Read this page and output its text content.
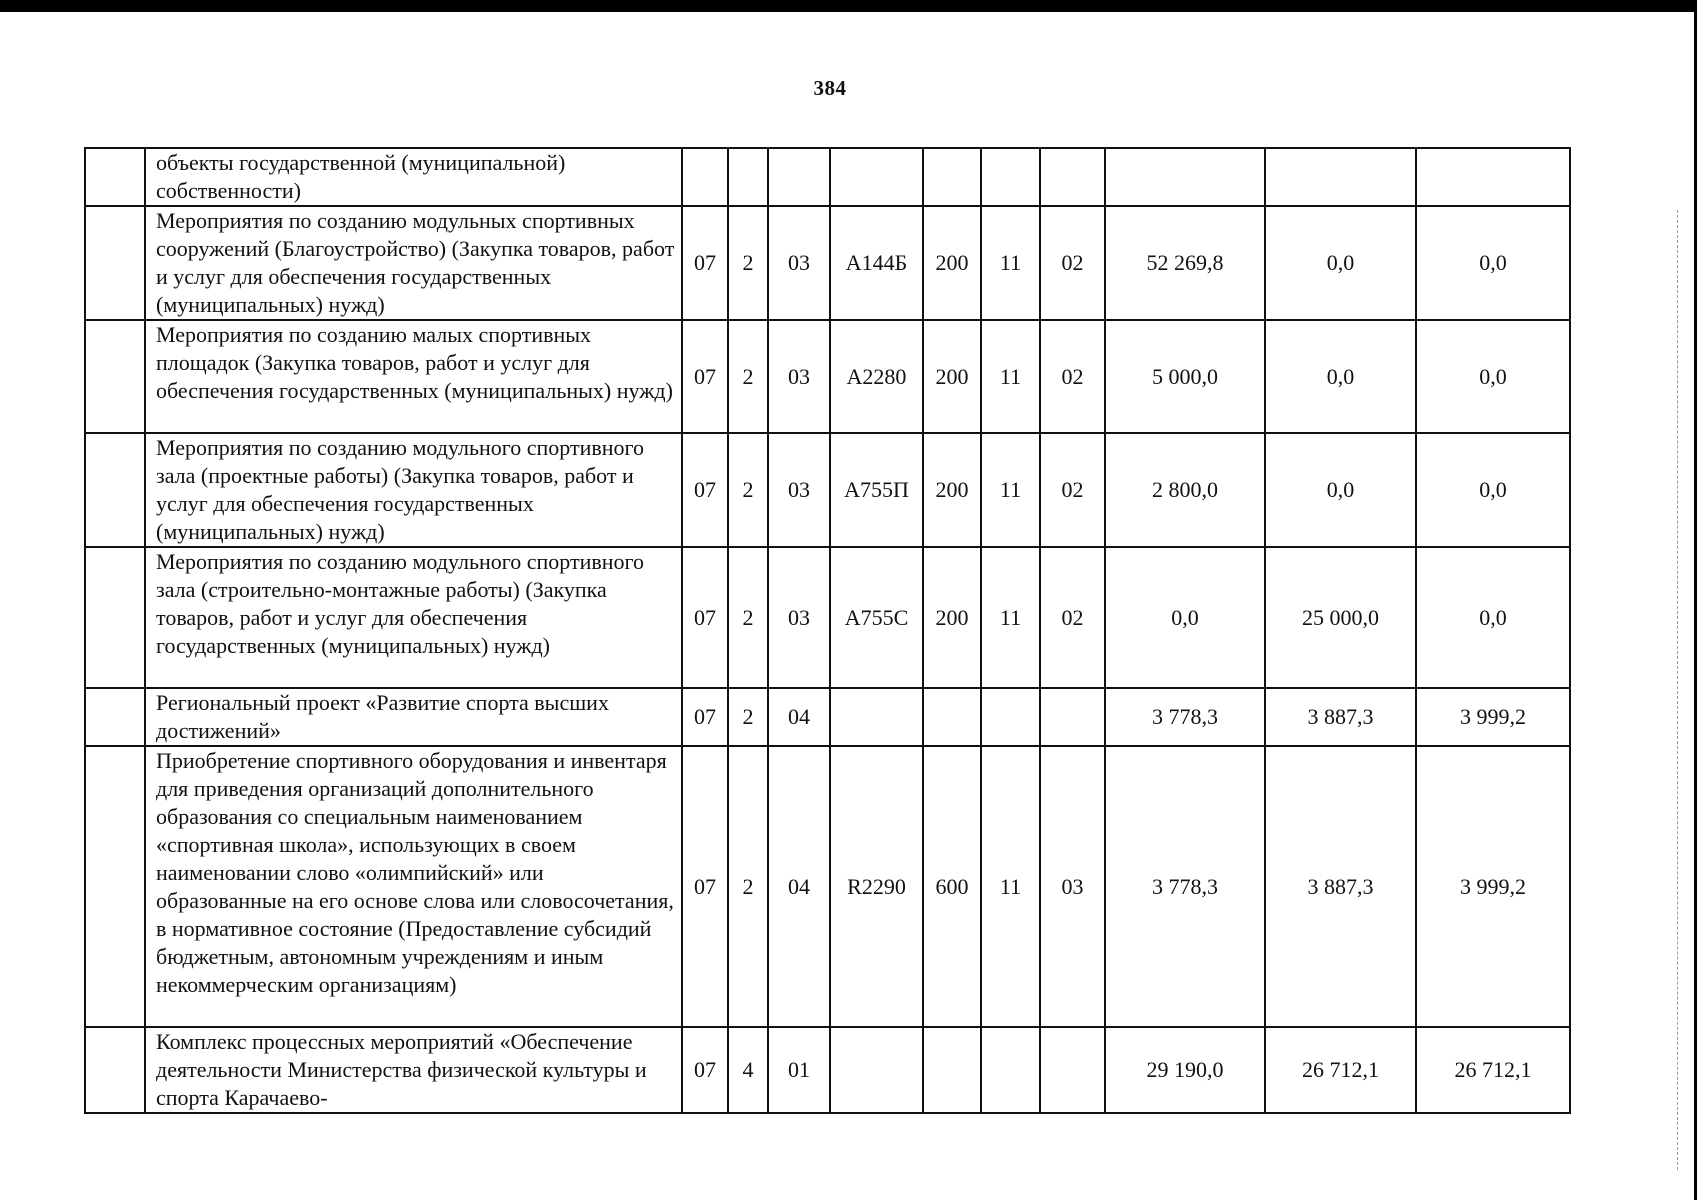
384
	объекты государственной (муниципальной) собственности)										
	Мероприятия по созданию модульных спортивных сооружений (Благоустройство) (Закупка товаров, работ и услуг для обеспечения государственных (муниципальных) нужд)	07	2	03	А144Б	200	11	02	52 269,8	0,0	0,0
	Мероприятия по созданию малых спортивных площадок (Закупка товаров, работ и услуг для обеспечения государственных (муниципальных) нужд)	07	2	03	А2280	200	11	02	5 000,0	0,0	0,0
	Мероприятия по созданию модульного спортивного зала (проектные работы) (Закупка товаров, работ и услуг для обеспечения государственных (муниципальных) нужд)	07	2	03	А755П	200	11	02	2 800,0	0,0	0,0
	Мероприятия по созданию модульного спортивного зала (строительно-монтажные работы) (Закупка товаров, работ и услуг для обеспечения государственных (муниципальных) нужд)	07	2	03	А755С	200	11	02	0,0	25 000,0	0,0
	Региональный проект «Развитие спорта высших достижений»	07	2	04					3 778,3	3 887,3	3 999,2
	Приобретение спортивного оборудования и инвентаря для приведения организаций дополнительного образования со специальным наименованием «спортивная школа», использующих в своем наименовании слово «олимпийский» или образованные на его основе слова или словосочетания, в нормативное состояние (Предоставление субсидий бюджетным, автономным учреждениям и иным некоммерческим организациям)	07	2	04	R2290	600	11	03	3 778,3	3 887,3	3 999,2
	Комплекс процессных мероприятий «Обеспечение деятельности Министерства физической культуры и спорта Карачаево-	07	4	01					29 190,0	26 712,1	26 712,1
